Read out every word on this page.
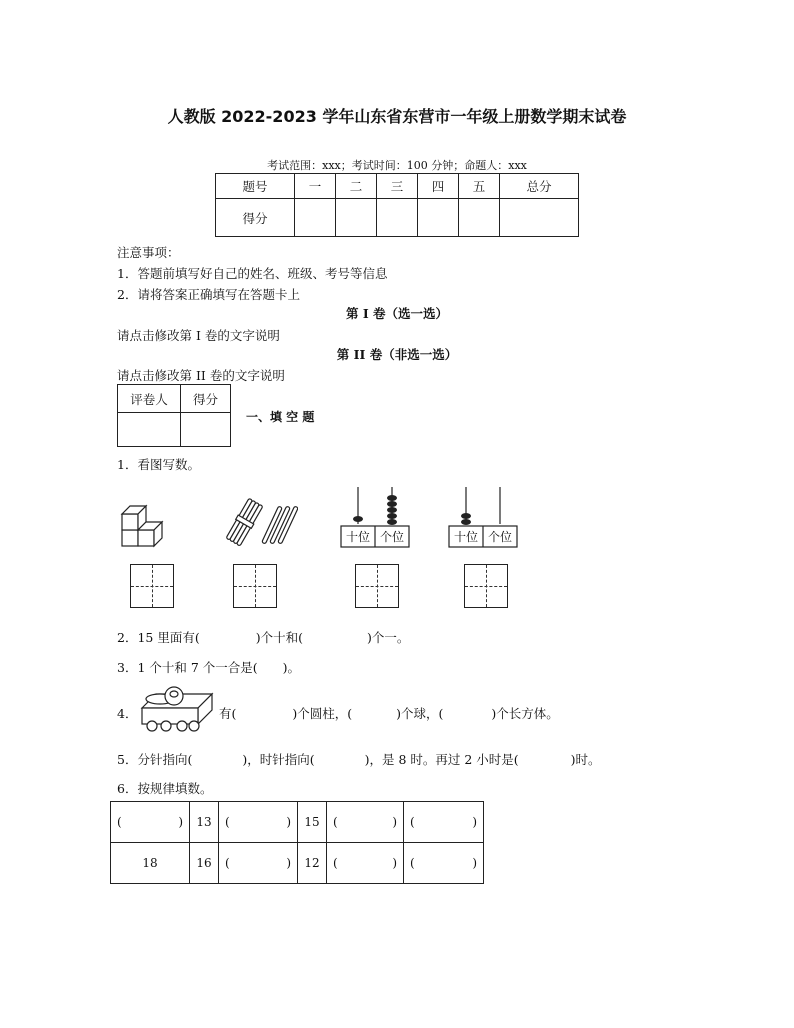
人教版 2022-2023 学年山东省东营市一年级上册数学期末试卷
考试范围：xxx；考试时间：100 分钟；命题人：xxx
题号	一	二	三	四	五	总分
得分						
注意事项：
1．答题前填写好自己的姓名、班级、考号等信息
2．请将答案正确填写在答题卡上
第 I 卷（选一选）
请点击修改第 I 卷的文字说明
第 II 卷（非选一选）
请点击修改第 II 卷的文字说明
评卷人	得分

一、填 空 题
1．看图写数。
十位 个位	十位 个位
2．15 里面有(	)个十和(	)个一。
3．1 个十和 7 个一合是(　　)。
4．	有(	)个圆柱，(	)个球，(	)个长方体。
5．分针指向(	)，时针指向(	)，是 8 时。再过 2 小时是(	)时。
6．按规律填数。
( )	13	( )	15	( )	( )

18	16	( )	12	( )	( )
